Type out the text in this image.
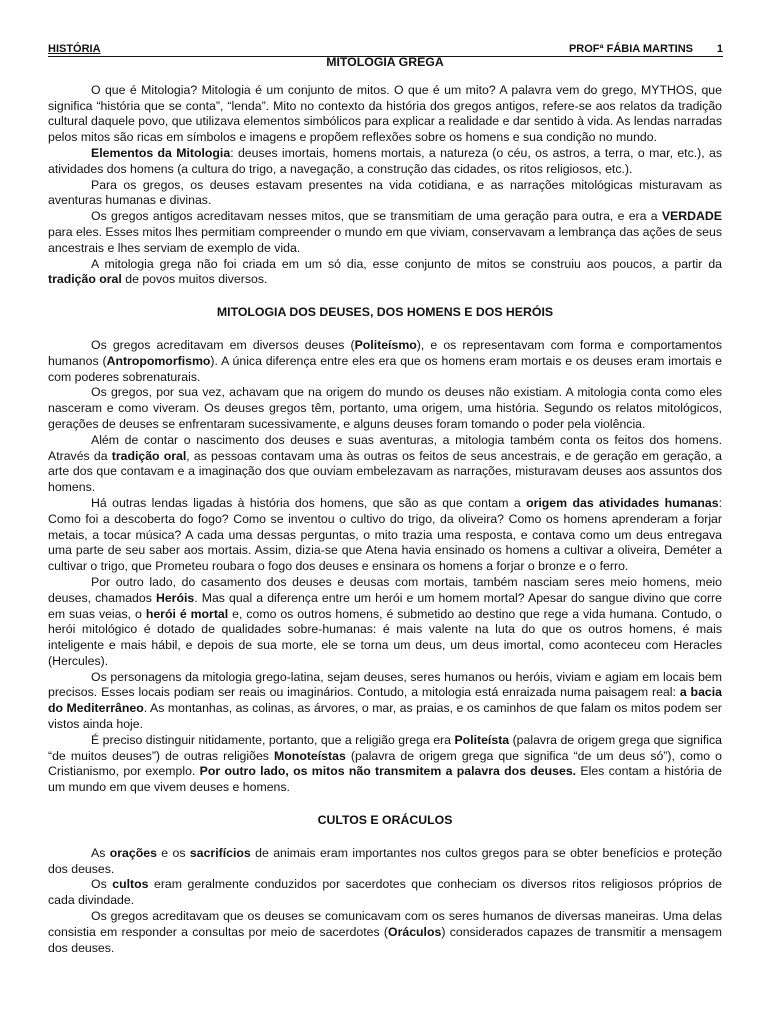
HISTÓRIA	PROFª FÁBIA MARTINS 1
MITOLOGIA GREGA

O que é Mitologia? Mitologia é um conjunto de mitos. O que é um mito? A palavra vem do grego, MYTHOS, que significa “história que se conta”, “lenda”. Mito no contexto da história dos gregos antigos, refere-se aos relatos da tradição cultural daquele povo, que utilizava elementos simbólicos para explicar a realidade e dar sentido à vida. As lendas narradas pelos mitos são ricas em símbolos e imagens e propõem reflexões sobre os homens e sua condição no mundo.

Elementos da Mitologia: deuses imortais, homens mortais, a natureza (o céu, os astros, a terra, o mar, etc.), as atividades dos homens (a cultura do trigo, a navegação, a construção das cidades, os ritos religiosos, etc.).

Para os gregos, os deuses estavam presentes na vida cotidiana, e as narrações mitológicas misturavam as aventuras humanas e divinas.

Os gregos antigos acreditavam nesses mitos, que se transmitiam de uma geração para outra, e era a VERDADE para eles. Esses mitos lhes permitiam compreender o mundo em que viviam, conservavam a lembrança das ações de seus ancestrais e lhes serviam de exemplo de vida.

A mitologia grega não foi criada em um só dia, esse conjunto de mitos se construiu aos poucos, a partir da tradição oral de povos muitos diversos.

MITOLOGIA DOS DEUSES, DOS HOMENS E DOS HERÓIS

Os gregos acreditavam em diversos deuses (Politeísmo), e os representavam com forma e comportamentos humanos (Antropomorfismo). A única diferença entre eles era que os homens eram mortais e os deuses eram imortais e com poderes sobrenaturais.

Os gregos, por sua vez, achavam que na origem do mundo os deuses não existiam. A mitologia conta como eles nasceram e como viveram. Os deuses gregos têm, portanto, uma origem, uma história. Segundo os relatos mitológicos, gerações de deuses se enfrentaram sucessivamente, e alguns deuses foram tomando o poder pela violência.

Além de contar o nascimento dos deuses e suas aventuras, a mitologia também conta os feitos dos homens. Através da tradição oral, as pessoas contavam uma às outras os feitos de seus ancestrais, e de geração em geração, a arte dos que contavam e a imaginação dos que ouviam embelezavam as narrações, misturavam deuses aos assuntos dos homens.

Há outras lendas ligadas à história dos homens, que são as que contam a origem das atividades humanas: Como foi a descoberta do fogo? Como se inventou o cultivo do trigo, da oliveira? Como os homens aprenderam a forjar metais, a tocar música? A cada uma dessas perguntas, o mito trazia uma resposta, e contava como um deus entregava uma parte de seu saber aos mortais. Assim, dizia-se que Atena havia ensinado os homens a cultivar a oliveira, Deméter a cultivar o trigo, que Prometeu roubara o fogo dos deuses e ensinara os homens a forjar o bronze e o ferro.

Por outro lado, do casamento dos deuses e deusas com mortais, também nasciam seres meio homens, meio deuses, chamados Heróis. Mas qual a diferença entre um herói e um homem mortal? Apesar do sangue divino que corre em suas veias, o herói é mortal e, como os outros homens, é submetido ao destino que rege a vida humana. Contudo, o herói mitológico é dotado de qualidades sobre-humanas: é mais valente na luta do que os outros homens, é mais inteligente e mais hábil, e depois de sua morte, ele se torna um deus, um deus imortal, como aconteceu com Heracles (Hercules).

Os personagens da mitologia grego-latina, sejam deuses, seres humanos ou heróis, viviam e agiam em locais bem precisos. Esses locais podiam ser reais ou imaginários. Contudo, a mitologia está enraizada numa paisagem real: a bacia do Mediterrâneo. As montanhas, as colinas, as árvores, o mar, as praias, e os caminhos de que falam os mitos podem ser vistos ainda hoje.

É preciso distinguir nitidamente, portanto, que a religião grega era Politeísta (palavra de origem grega que significa “de muitos deuses”) de outras religiões Monoteístas (palavra de origem grega que significa “de um deus só”), como o Cristianismo, por exemplo. Por outro lado, os mitos não transmitem a palavra dos deuses. Eles contam a história de um mundo em que vivem deuses e homens.

CULTOS E ORÁCULOS

As orações e os sacrifícios de animais eram importantes nos cultos gregos para se obter benefícios e proteção dos deuses.

Os cultos eram geralmente conduzidos por sacerdotes que conheciam os diversos ritos religiosos próprios de cada divindade.

Os gregos acreditavam que os deuses se comunicavam com os seres humanos de diversas maneiras. Uma delas consistia em responder a consultas por meio de sacerdotes (Oráculos) considerados capazes de transmitir a mensagem dos deuses.
